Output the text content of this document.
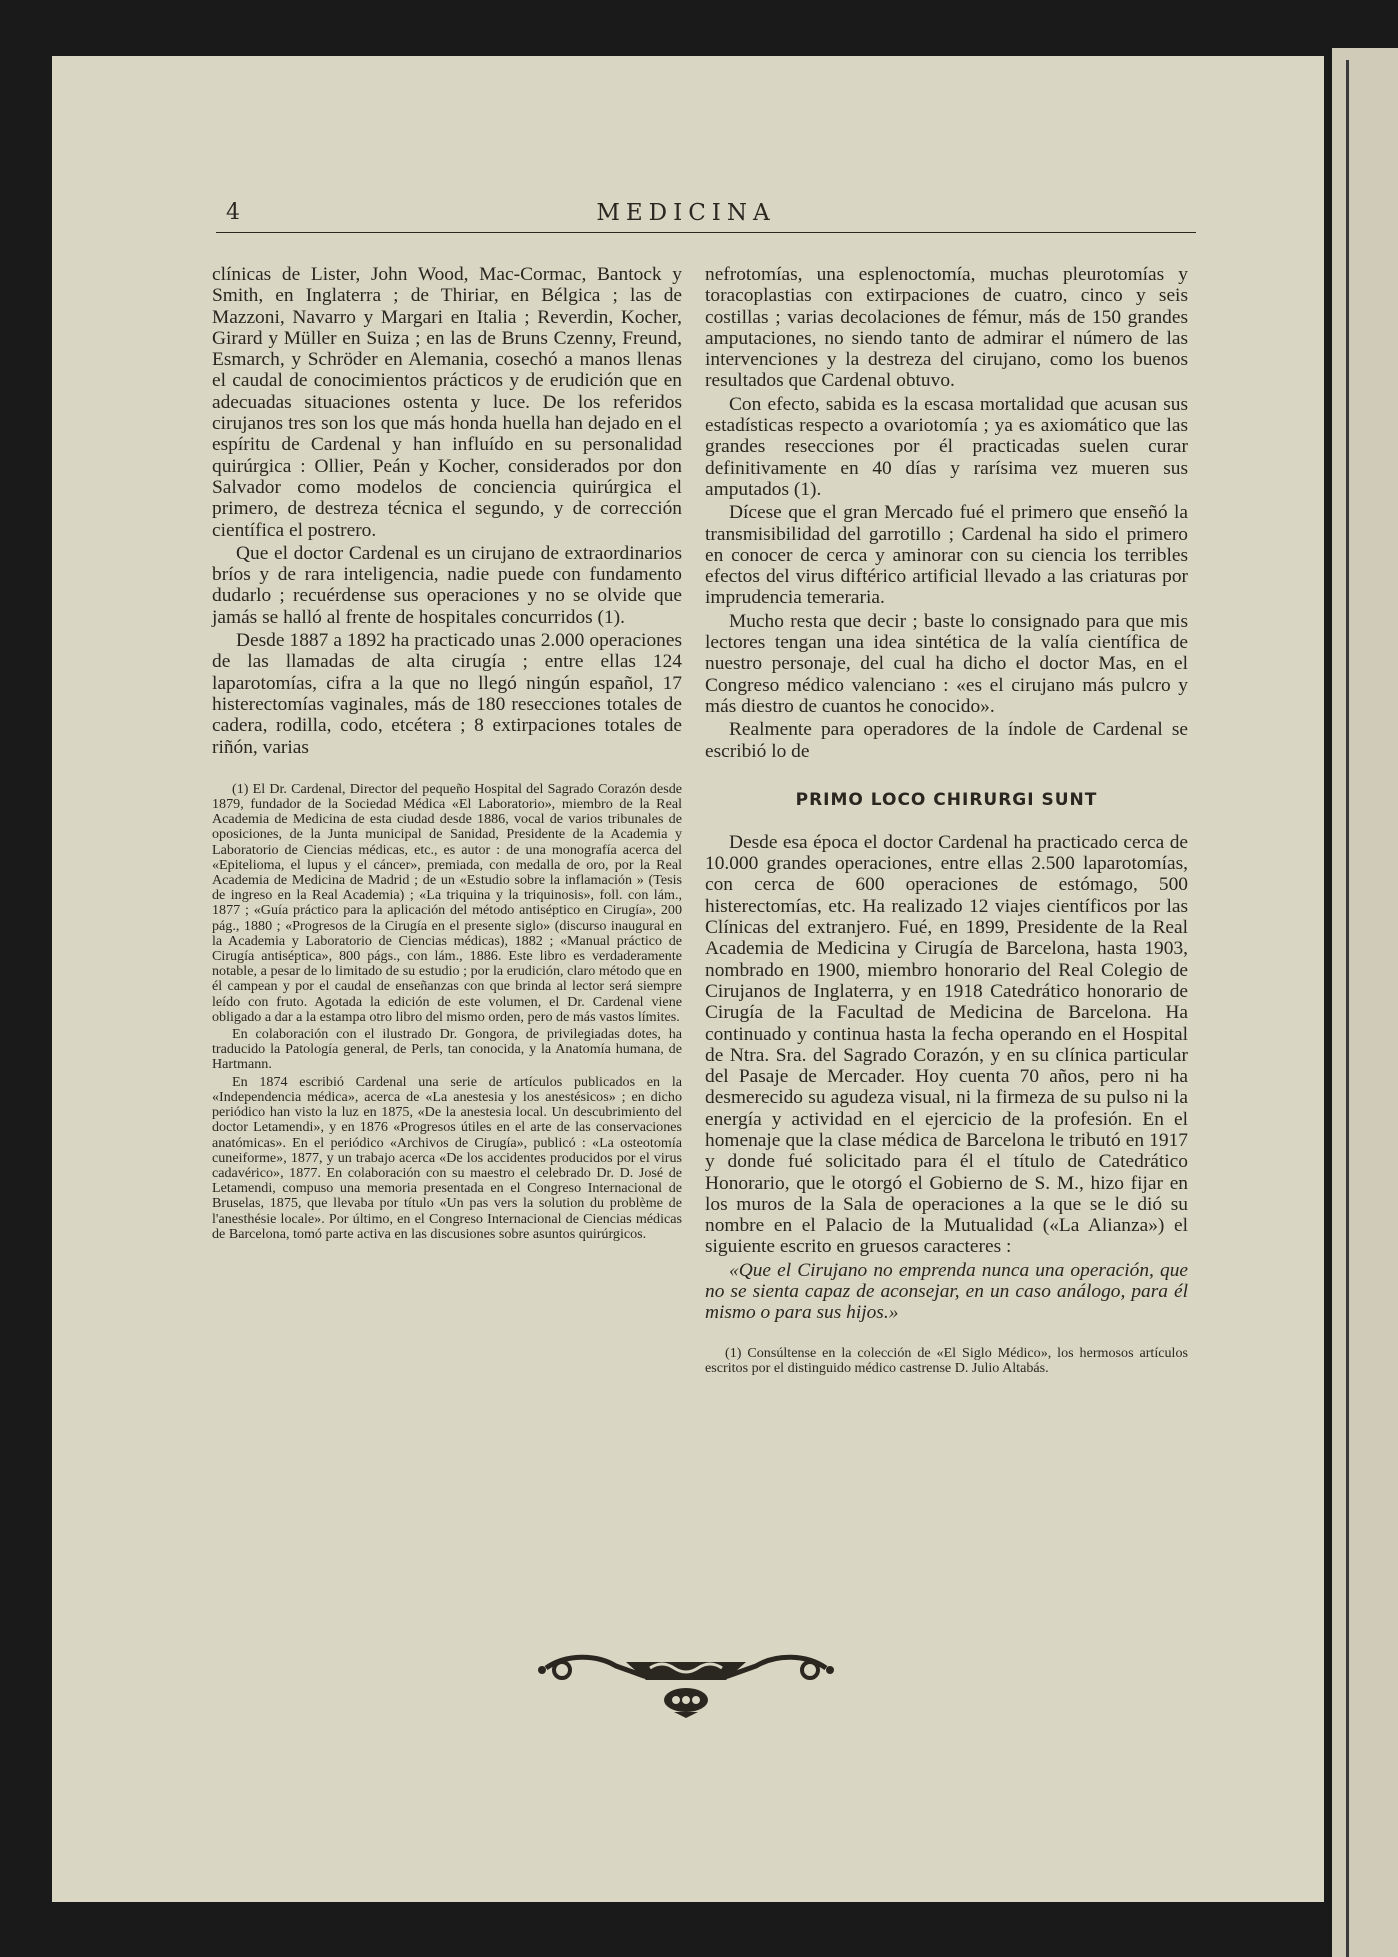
4	MEDICINA

clínicas de Lister, John Wood, Mac-Cormac, Bantock y Smith, en Inglaterra ; de Thiriar, en Bélgica ; las de Mazzoni, Navarro y Margari en Italia ; Reverdin, Kocher, Girard y Müller en Suiza ; en las de Bruns Czenny, Freund, Esmarch, y Schröder en Alemania, cosechó a manos llenas el caudal de conocimientos prácticos y de erudición que en adecuadas situaciones ostenta y luce. De los referidos cirujanos tres son los que más honda huella han dejado en el espíritu de Cardenal y han influído en su personalidad quirúrgica : Ollier, Peán y Kocher, considerados por don Salvador como modelos de conciencia quirúrgica el primero, de destreza técnica el segundo, y de corrección científica el postrero.

Que el doctor Cardenal es un cirujano de extraordinarios bríos y de rara inteligencia, nadie puede con fundamento dudarlo ; recuérdense sus operaciones y no se olvide que jamás se halló al frente de hospitales concurridos (1).

Desde 1887 a 1892 ha practicado unas 2.000 operaciones de las llamadas de alta cirugía ; entre ellas 124 laparotomías, cifra a la que no llegó ningún español, 17 histerectomías vaginales, más de 180 resecciones totales de cadera, rodilla, codo, etcétera ; 8 extirpaciones totales de riñón, varias

(1) El Dr. Cardenal, Director del pequeño Hospital del Sagrado Corazón desde 1879, fundador de la Sociedad Médica «El Laboratorio», miembro de la Real Academia de Medicina de esta ciudad desde 1886, vocal de varios tribunales de oposiciones, de la Junta municipal de Sanidad, Presidente de la Academia y Laboratorio de Ciencias médicas, etc., es autor : de una monografía acerca del «Epitelioma, el lupus y el cáncer», premiada, con medalla de oro, por la Real Academia de Medicina de Madrid ; de un «Estudio sobre la inflamación » (Tesis de ingreso en la Real Academia) ; «La triquina y la triquinosis», foll. con lám., 1877 ; «Guía práctico para la aplicación del método antiséptico en Cirugía», 200 pág., 1880 ; «Progresos de la Cirugía en el presente siglo» (discurso inaugural en la Academia y Laboratorio de Ciencias médicas), 1882 ; «Manual práctico de Cirugía antiséptica», 800 págs., con lám., 1886. Este libro es verdaderamente notable, a pesar de lo limitado de su estudio ; por la erudición, claro método que en él campean y por el caudal de enseñanzas con que brinda al lector será siempre leído con fruto. Agotada la edición de este volumen, el Dr. Cardenal viene obligado a dar a la estampa otro libro del mismo orden, pero de más vastos límites.

En colaboración con el ilustrado Dr. Gongora, de privilegiadas dotes, ha traducido la Patología general, de Perls, tan conocida, y la Anatomía humana, de Hartmann.

En 1874 escribió Cardenal una serie de artículos publicados en la «Independencia médica», acerca de «La anestesia y los anestésicos» ; en dicho periódico han visto la luz en 1875, «De la anestesia local. Un descubrimiento del doctor Letamendi», y en 1876 «Progresos útiles en el arte de las conservaciones anatómicas». En el periódico «Archivos de Cirugía», publicó : «La osteotomía cuneiforme», 1877, y un trabajo acerca «De los accidentes producidos por el virus cadavérico», 1877. En colaboración con su maestro el celebrado Dr. D. José de Letamendi, compuso una memoria presentada en el Congreso Internacional de Bruselas, 1875, que llevaba por título «Un pas vers la solution du problème de l'anesthésie locale». Por último, en el Congreso Internacional de Ciencias médicas de Barcelona, tomó parte activa en las discusiones sobre asuntos quirúrgicos.

nefrotomías, una esplenoctomía, muchas pleurotomías y toracoplastias con extirpaciones de cuatro, cinco y seis costillas ; varias decolaciones de fémur, más de 150 grandes amputaciones, no siendo tanto de admirar el número de las intervenciones y la destreza del cirujano, como los buenos resultados que Cardenal obtuvo.

Con efecto, sabida es la escasa mortalidad que acusan sus estadísticas respecto a ovariotomía ; ya es axiomático que las grandes resecciones por él practicadas suelen curar definitivamente en 40 días y rarísima vez mueren sus amputados (1).

Dícese que el gran Mercado fué el primero que enseñó la transmisibilidad del garrotillo ; Cardenal ha sido el primero en conocer de cerca y aminorar con su ciencia los terribles efectos del virus diftérico artificial llevado a las criaturas por imprudencia temeraria.

Mucho resta que decir ; baste lo consignado para que mis lectores tengan una idea sintética de la valía científica de nuestro personaje, del cual ha dicho el doctor Mas, en el Congreso médico valenciano : «es el cirujano más pulcro y más diestro de cuantos he conocido».

Realmente para operadores de la índole de Cardenal se escribió lo de

PRIMO LOCO CHIRURGI SUNT

Desde esa época el doctor Cardenal ha practicado cerca de 10.000 grandes operaciones, entre ellas 2.500 laparotomías, con cerca de 600 operaciones de estómago, 500 histerectomías, etc. Ha realizado 12 viajes científicos por las Clínicas del extranjero. Fué, en 1899, Presidente de la Real Academia de Medicina y Cirugía de Barcelona, hasta 1903, nombrado en 1900, miembro honorario del Real Colegio de Cirujanos de Inglaterra, y en 1918 Catedrático honorario de Cirugía de la Facultad de Medicina de Barcelona. Ha continuado y continua hasta la fecha operando en el Hospital de Ntra. Sra. del Sagrado Corazón, y en su clínica particular del Pasaje de Mercader. Hoy cuenta 70 años, pero ni ha desmerecido su agudeza visual, ni la firmeza de su pulso ni la energía y actividad en el ejercicio de la profesión. En el homenaje que la clase médica de Barcelona le tributó en 1917 y donde fué solicitado para él el título de Catedrático Honorario, que le otorgó el Gobierno de S. M., hizo fijar en los muros de la Sala de operaciones a la que se le dió su nombre en el Palacio de la Mutualidad («La Alianza») el siguiente escrito en gruesos caracteres :

«Que el Cirujano no emprenda nunca una operación, que no se sienta capaz de aconsejar, en un caso análogo, para él mismo o para sus hijos.»

(1) Consúltense en la colección de «El Siglo Médico», los hermosos artículos escritos por el distinguido médico castrense D. Julio Altabás.
